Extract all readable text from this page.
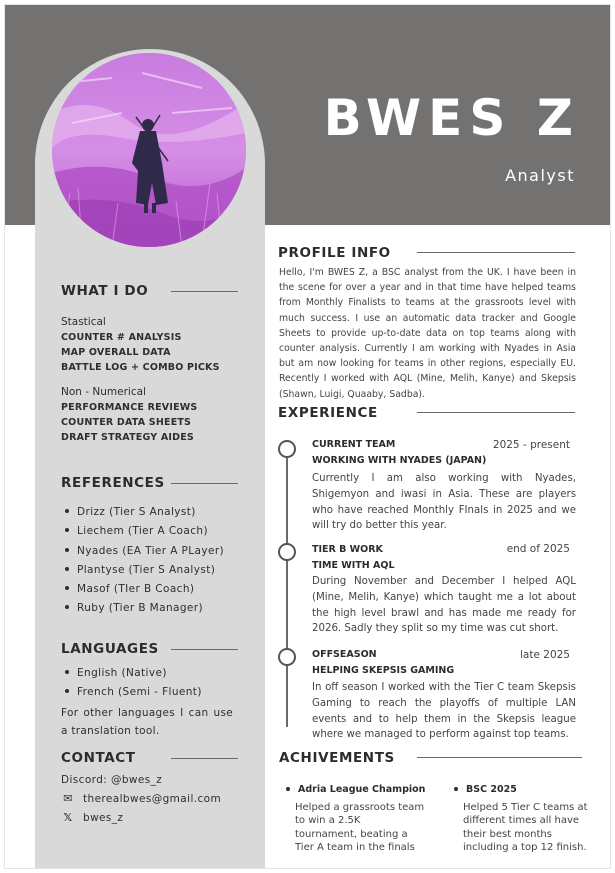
BWES Z
Analyst
WHAT I DO
Stastical
COUNTER # ANALYSIS
MAP OVERALL DATA
BATTLE LOG + COMBO PICKS
Non - Numerical
PERFORMANCE REVIEWS
COUNTER DATA SHEETS
DRAFT STRATEGY AIDES
REFERENCES
Drizz (Tier S Analyst)
Liechem (Tier A Coach)
Nyades (EA Tier A PLayer)
Plantyse (Tier S Analyst)
Masof (TIer B Coach)
Ruby (Tier B Manager)
LANGUAGES
English (Native)
French (Semi - Fluent)
For other languages I can use a translation tool.
CONTACT
Discord: @bwes_z
✉ therealbwes@gmail.com
𝕏 bwes_z
PROFILE INFO
Hello, I'm BWES Z, a BSC analyst from the UK. I have been in the scene for over a year and in that time have helped teams from Monthly Finalists to teams at the grassroots level with much success. I use an automatic data tracker and Google Sheets to provide up-to-date data on top teams along with counter analysis. Currently I am working with Nyades in Asia but am now looking for teams in other regions, especially EU. Recently I worked with AQL (Mine, Melih, Kanye) and Skepsis (Shawn, Luigi, Quaaby, Sadba).
EXPERIENCE
CURRENT TEAM	2025 - present
WORKING WITH NYADES (JAPAN)
Currently I am also working with Nyades, Shigemyon and iwasi in Asia. These are players who have reached Monthly FInals in 2025 and we will try do better this year.
TIER B WORK	end of 2025
TIME WITH AQL
During November and December I helped AQL (Mine, Melih, Kanye) which taught me a lot about the high level brawl and has made me ready for 2026. Sadly they split so my time was cut short.
OFFSEASON	late 2025
HELPING SKEPSIS GAMING
In off season I worked with the Tier C team Skepsis Gaming to reach the playoffs of multiple LAN events and to help them in the Skepsis league where we managed to perform against top teams.
ACHIVEMENTS
Adria League Champion
Helped a grassroots team to win a 2.5K tournament, beating a Tier A team in the finals
BSC 2025
Helped 5 Tier C teams at different times all have their best months including a top 12 finish.
